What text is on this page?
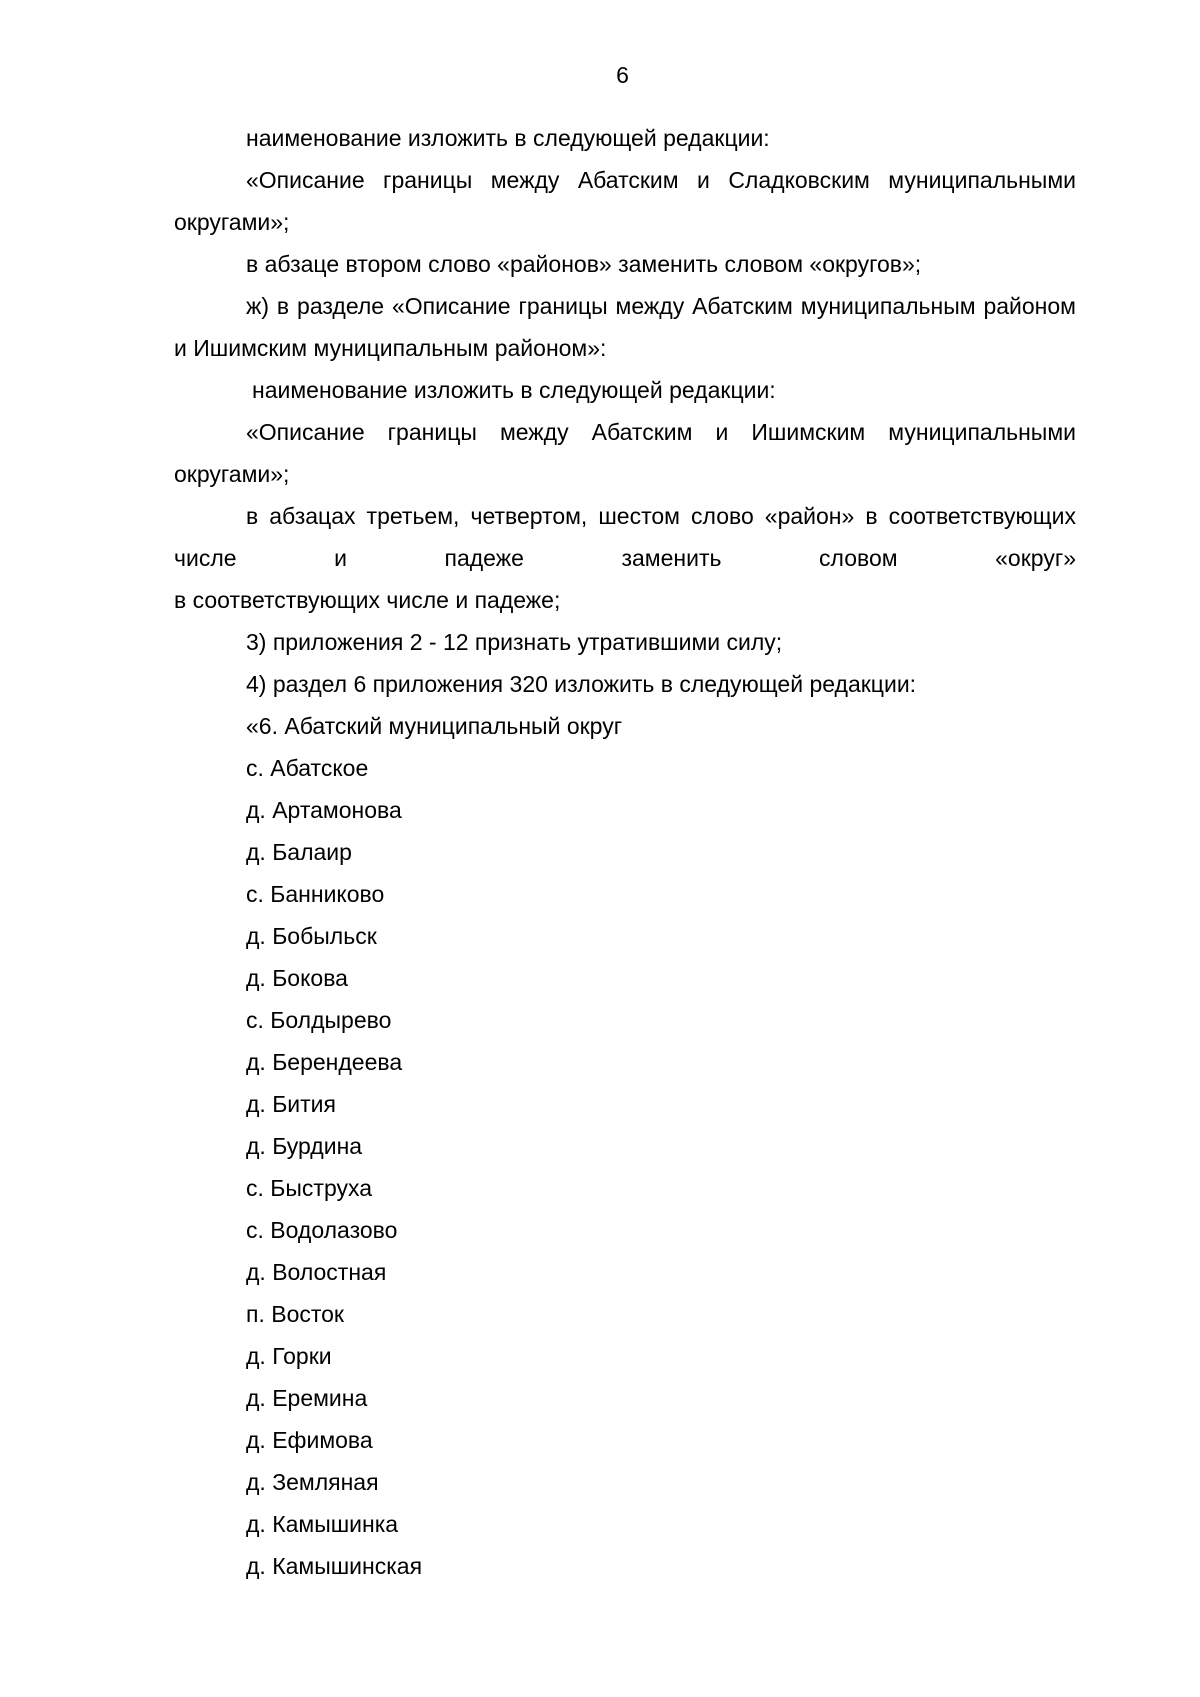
6

наименование изложить в следующей редакции:

«Описание границы между Абатским и Сладковским муниципальными округами»;

в абзаце втором слово «районов» заменить словом «округов»;

ж) в разделе «Описание границы между Абатским муниципальным районом и Ишимским муниципальным районом»:

наименование изложить в следующей редакции:

«Описание границы между Абатским и Ишимским муниципальными округами»;

в абзацах третьем, четвертом, шестом слово «район» в соответствующих числе и падеже заменить словом «округ»

в соответствующих числе и падеже;

3) приложения 2 - 12 признать утратившими силу;

4) раздел 6 приложения 320 изложить в следующей редакции:

«6. Абатский муниципальный округ

с. Абатское
д. Артамонова
д. Балаир
с. Банниково
д. Бобыльск
д. Бокова
с. Болдырево
д. Берендеева
д. Бития
д. Бурдина
с. Быструха
с. Водолазово
д. Волостная
п. Восток
д. Горки
д. Еремина
д. Ефимова
д. Земляная
д. Камышинка
д. Камышинская
